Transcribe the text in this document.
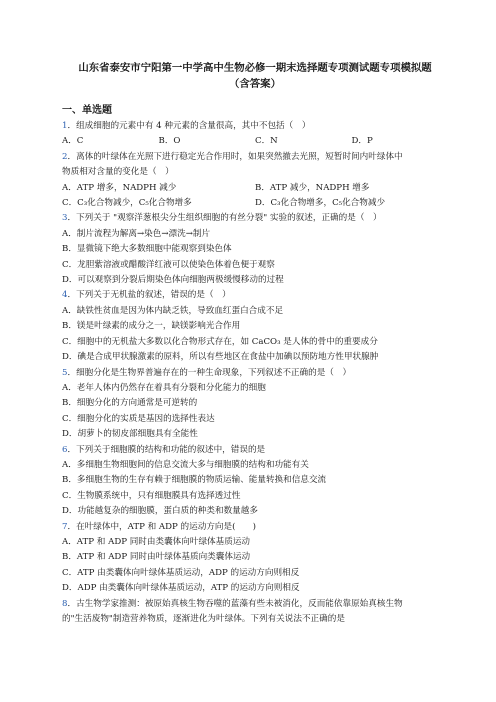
山东省泰安市宁阳第一中学高中生物必修一期末选择题专项测试题专项模拟题
（含答案）
一、单选题

1．组成细胞的元素中有 4 种元素的含量很高，其中不包括（　）

A．C	B．O	C．N	D．P

2．离体的叶绿体在光照下进行稳定光合作用时，如果突然撤去光照，短暂时间内叶绿体中

物质相对含量的变化是（　）

A．ATP 增多，NADPH 减少	B．ATP 减少，NADPH 增多
C．C₃化合物减少，C₅化合物增多	D．C₃化合物增多，C₅化合物减少

3．下列关于 "观察洋葱根尖分生组织细胞的有丝分裂" 实验的叙述，正确的是（　）

A．制片流程为解离→染色→漂洗→制片

B．显微镜下绝大多数细胞中能观察到染色体

C．龙胆紫溶液或醋酸洋红液可以使染色体着色便于观察

D．可以观察到分裂后期染色体向细胞两极缓慢移动的过程

4．下列关于无机盐的叙述，错误的是（　）

A．缺铁性贫血是因为体内缺乏铁，导致血红蛋白合成不足

B．镁是叶绿素的成分之一，缺镁影响光合作用

C．细胞中的无机盐大多数以化合物形式存在，如 CaCO₃ 是人体的骨中的重要成分

D．碘是合成甲状腺激素的原料，所以有些地区在食盐中加碘以预防地方性甲状腺肿

5．细胞分化是生物界普遍存在的一种生命现象，下列叙述不正确的是（　）

A．老年人体内仍然存在着具有分裂和分化能力的细胞

B．细胞分化的方向通常是可逆转的

C．细胞分化的实质是基因的选择性表达

D．胡萝卜的韧皮部细胞具有全能性

6．下列关于细胞膜的结构和功能的叙述中，错误的是

A．多细胞生物细胞间的信息交流大多与细胞膜的结构和功能有关

B．多细胞生物的生存有赖于细胞膜的物质运输、能量转换和信息交流

C．生物膜系统中，只有细胞膜具有选择透过性

D．功能越复杂的细胞膜，蛋白质的种类和数量越多

7．在叶绿体中，ATP 和 ADP 的运动方向是(　　)

A．ATP 和 ADP 同时由类囊体向叶绿体基质运动

B．ATP 和 ADP 同时由叶绿体基质向类囊体运动

C．ATP 由类囊体向叶绿体基质运动，ADP 的运动方向则相反

D．ADP 由类囊体向叶绿体基质运动，ATP 的运动方向则相反

8．古生物学家推测：被原始真核生物吞噬的蓝藻有些未被消化，反而能依靠原始真核生物

的"生活废物"制造营养物质，逐渐进化为叶绿体。下列有关说法不正确的是
